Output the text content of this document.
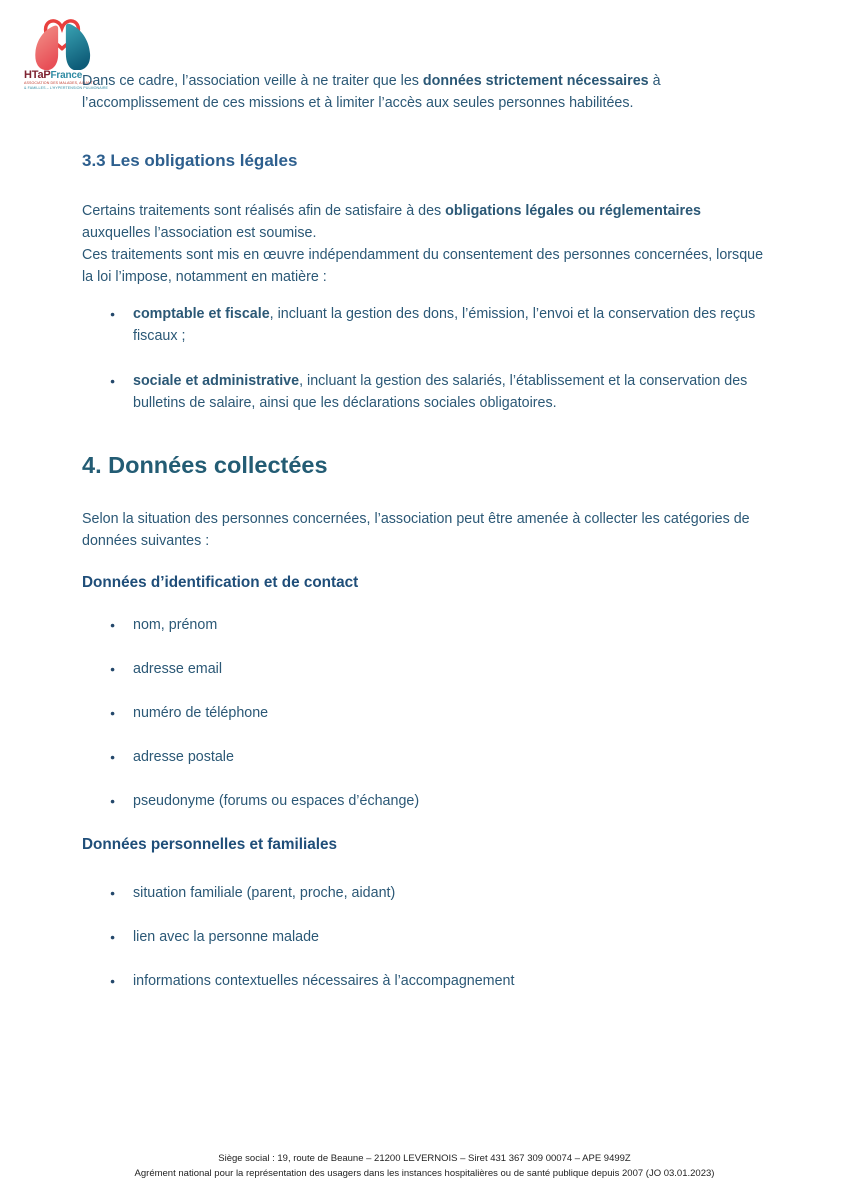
HTaPFrance
ASSOCIATION DES MALADES, AIDANTS
& FAMILLES – L’HYPERTENSION PULMONAIRE

Dans ce cadre, l’association veille à ne traiter que les données strictement nécessaires à l’accomplissement de ces missions et à limiter l’accès aux seules personnes habilitées.

3.3 Les obligations légales

Certains traitements sont réalisés afin de satisfaire à des obligations légales ou réglementaires auxquelles l’association est soumise.

Ces traitements sont mis en œuvre indépendamment du consentement des personnes concernées, lorsque la loi l’impose, notamment en matière :

● comptable et fiscale, incluant la gestion des dons, l’émission, l’envoi et la conservation des reçus fiscaux ;
● sociale et administrative, incluant la gestion des salariés, l’établissement et la conservation des bulletins de salaire, ainsi que les déclarations sociales obligatoires.
4. Données collectées

Selon la situation des personnes concernées, l’association peut être amenée à collecter les catégories de données suivantes :

Données d’identification et de contact
● nom, prénom
● adresse email
● numéro de téléphone
● adresse postale
● pseudonyme (forums ou espaces d’échange)
Données personnelles et familiales
● situation familiale (parent, proche, aidant)
● lien avec la personne malade
● informations contextuelles nécessaires à l’accompagnement
Siège social : 19, route de Beaune – 21200 LEVERNOIS – Siret 431 367 309 00074 – APE 9499Z
Agrément national pour la représentation des usagers dans les instances hospitalières ou de santé publique depuis 2007 (JO 03.01.2023)
